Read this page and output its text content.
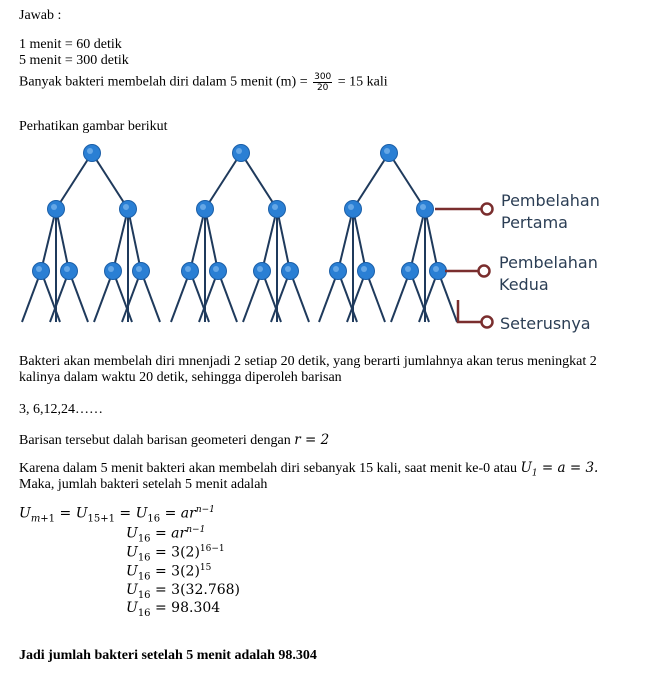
Jawab :
1 menit = 60 detik
5 menit = 300 detik
Banyak bakteri membelah diri dalam 5 menit $(m) = \frac{300}{20} = 15$ kali
Perhatikan gambar berikut
Pembelahan
Pertama
Pembelahan
Kedua
Seterusnya
Bakteri akan membelah diri mnenjadi 2 setiap 20 detik, yang berarti jumlahnya akan terus meningkat 2 kalinya dalam waktu 20 detik, sehingga diperoleh barisan
3, 6,12,24……
Barisan tersebut dalah barisan geometeri dengan r = 2
Karena dalam 5 menit bakteri akan membelah diri sebanyak 15 kali, saat menit ke-0 atau $U_1 = a = 3$.
Maka, jumlah bakteri setelah 5 menit adalah
$U_{m+1} = U_{15+1} = U_{16} = ar^{n-1}$
$U_{16} = ar^{n-1}$
$U_{16} = 3(2)^{16-1}$
$U_{16} = 3(2)^{15}$
$U_{16} = 3(32.768)$
$U_{16} = 98.304$
Jadi jumlah bakteri setelah 5 menit adalah 98.304
